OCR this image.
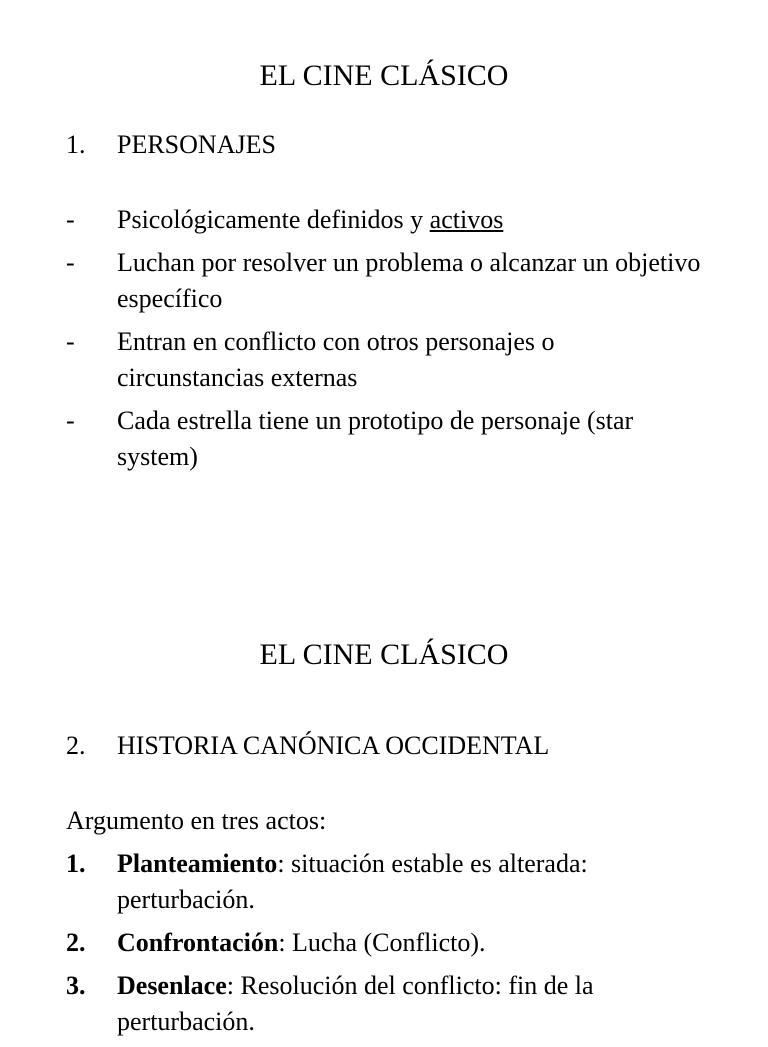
EL CINE CLÁSICO
1. PERSONAJES
-	Psicológicamente definidos y activos
-	Luchan por resolver un problema o alcanzar un objetivo específico
-	Entran en conflicto con otros personajes o circunstancias externas
-	Cada estrella tiene un prototipo de personaje (star system)
EL CINE CLÁSICO
2. HISTORIA CANÓNICA OCCIDENTAL
Argumento en tres actos:
1.	Planteamiento: situación estable es alterada: perturbación.
2.	Confrontación: Lucha (Conflicto).
3.	Desenlace: Resolución del conflicto: fin de la perturbación.
